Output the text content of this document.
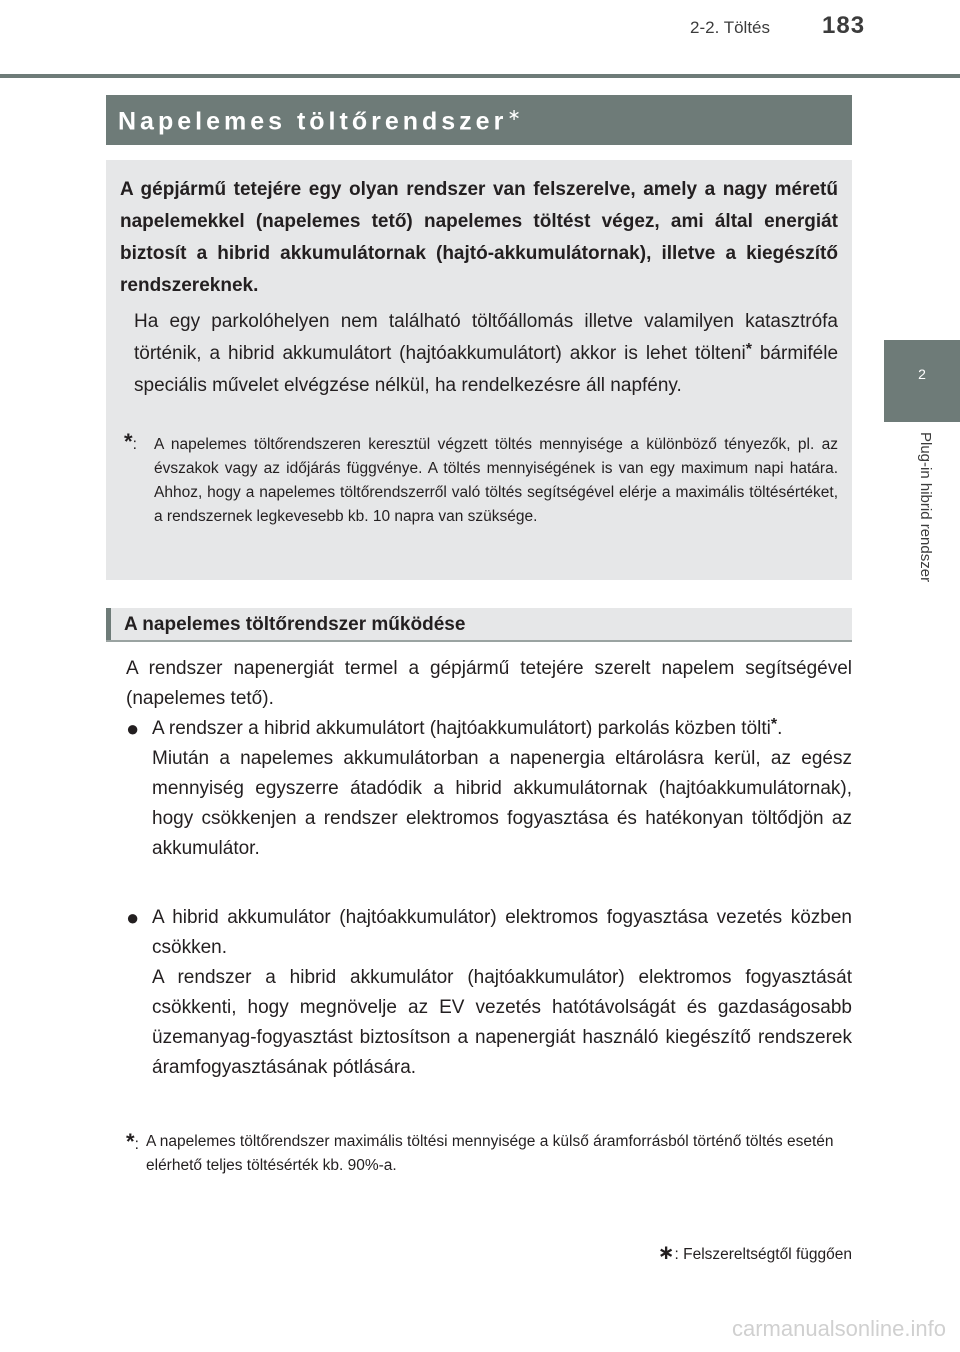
2-2. Töltés 183
2
Plug-in hibrid rendszer
Napelemes töltőrendszer∗
A gépjármű tetejére egy olyan rendszer van felszerelve, amely a nagy méretű napelemekkel (napelemes tető) napelemes töltést végez, ami által energiát biztosít a hibrid akkumulátornak (hajtó-akkumulátornak), illetve a kiegészítő rendszereknek.
Ha egy parkolóhelyen nem található töltőállomás illetve valamilyen katasztrófa történik, a hibrid akkumulátort (hajtóakkumulátort) akkor is lehet tölteni* bármiféle speciális művelet elvégzése nélkül, ha rendelkezésre áll napfény.
*: A napelemes töltőrendszeren keresztül végzett töltés mennyisége a különböző tényezők, pl. az évszakok vagy az időjárás függvénye. A töltés mennyiségének is van egy maximum napi határa. Ahhoz, hogy a napelemes töltőrendszerről való töltés segítségével elérje a maximális töltésértéket, a rendszernek legkevesebb kb. 10 napra van szüksége.
A napelemes töltőrendszer működése
A rendszer napenergiát termel a gépjármű tetejére szerelt napelem segítségével (napelemes tető).
● A rendszer a hibrid akkumulátort (hajtóakkumulátort) parkolás közben tölti*.
Miután a napelemes akkumulátorban a napenergia eltárolásra kerül, az egész mennyiség egyszerre átadódik a hibrid akkumulátornak (hajtóakkumulátornak), hogy csökkenjen a rendszer elektromos fogyasztása és hatékonyan töltődjön az akkumulátor.
● A hibrid akkumulátor (hajtóakkumulátor) elektromos fogyasztása vezetés közben csökken.
A rendszer a hibrid akkumulátor (hajtóakkumulátor) elektromos fogyasztását csökkenti, hogy megnövelje az EV vezetés hatótávolságát és gazdaságosabb üzemanyag-fogyasztást biztosítson a napenergiát használó kiegészítő rendszerek áramfogyasztásának pótlására.
*: A napelemes töltőrendszer maximális töltési mennyisége a külső áramforrásból történő töltés esetén elérhető teljes töltésérték kb. 90%-a.
∗: Felszereltségtől függően
carmanualsonline.info
